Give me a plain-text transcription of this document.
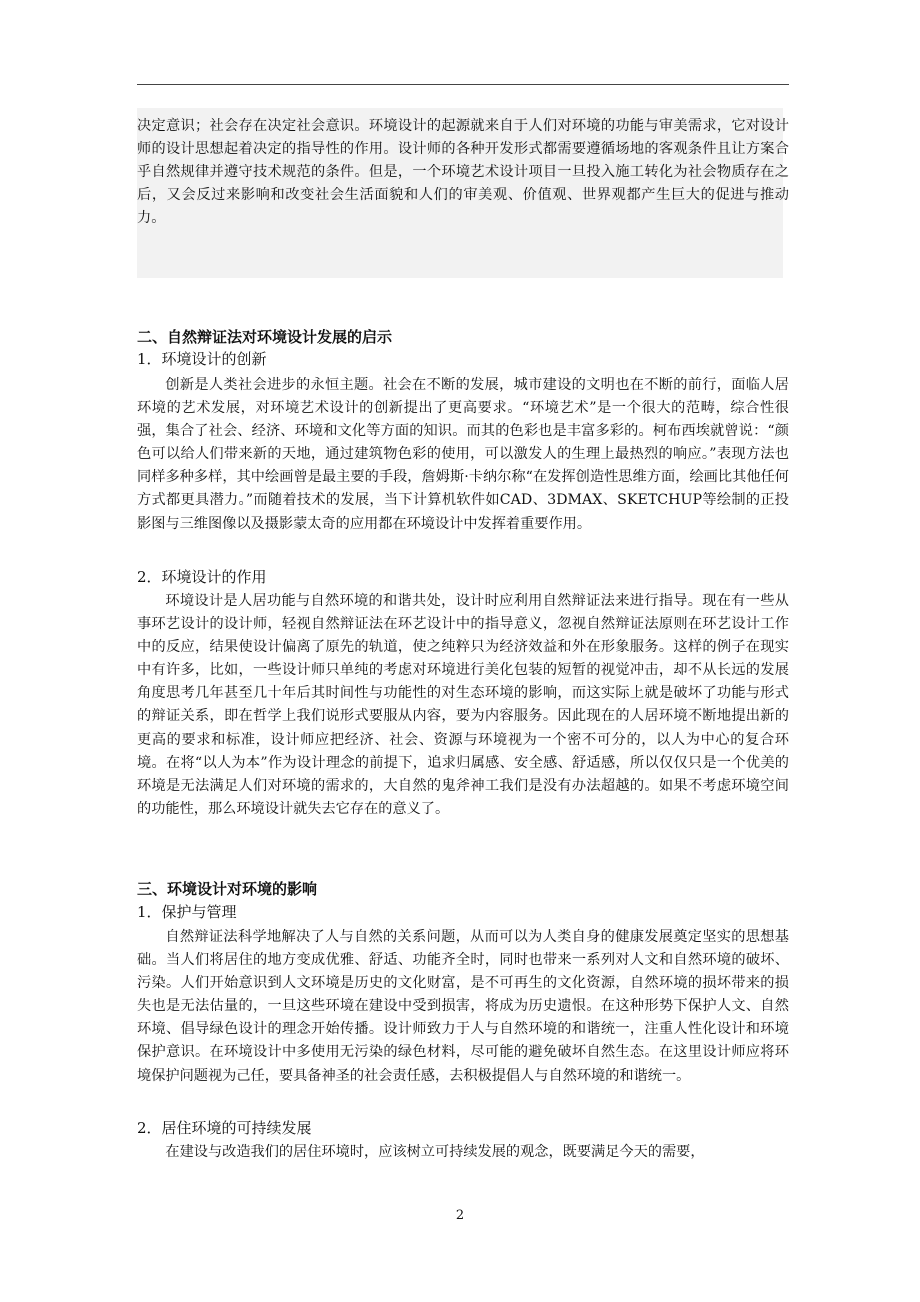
决定意识；社会存在决定社会意识。环境设计的起源就来自于人们对环境的功能与审美需求，它对设计师的设计思想起着决定的指导性的作用。设计师的各种开发形式都需要遵循场地的客观条件且让方案合乎自然规律并遵守技术规范的条件。但是，一个环境艺术设计项目一旦投入施工转化为社会物质存在之后，又会反过来影响和改变社会生活面貌和人们的审美观、价值观、世界观都产生巨大的促进与推动力。

二、自然辩证法对环境设计发展的启示
1．环境设计的创新

创新是人类社会进步的永恒主题。社会在不断的发展，城市建设的文明也在不断的前行，面临人居环境的艺术发展，对环境艺术设计的创新提出了更高要求。“环境艺术”是一个很大的范畴，综合性很强，集合了社会、经济、环境和文化等方面的知识。而其的色彩也是丰富多彩的。柯布西埃就曾说：“颜色可以给人们带来新的天地，通过建筑物色彩的使用，可以激发人的生理上最热烈的响应。”表现方法也同样多种多样，其中绘画曾是最主要的手段，詹姆斯·卡纳尔称“在发挥创造性思维方面，绘画比其他任何方式都更具潜力。”而随着技术的发展，当下计算机软件如CAD、3DMAX、SKETCHUP等绘制的正投影图与三维图像以及摄影蒙太奇的应用都在环境设计中发挥着重要作用。

2．环境设计的作用

环境设计是人居功能与自然环境的和谐共处，设计时应利用自然辩证法来进行指导。现在有一些从事环艺设计的设计师，轻视自然辩证法在环艺设计中的指导意义，忽视自然辩证法原则在环艺设计工作中的反应，结果使设计偏离了原先的轨道，使之纯粹只为经济效益和外在形象服务。这样的例子在现实中有许多，比如，一些设计师只单纯的考虑对环境进行美化包装的短暂的视觉冲击，却不从长远的发展角度思考几年甚至几十年后其时间性与功能性的对生态环境的影响，而这实际上就是破坏了功能与形式的辩证关系，即在哲学上我们说形式要服从内容，要为内容服务。因此现在的人居环境不断地提出新的更高的要求和标准，设计师应把经济、社会、资源与环境视为一个密不可分的，以人为中心的复合环境。在将“以人为本”作为设计理念的前提下，追求归属感、安全感、舒适感，所以仅仅只是一个优美的环境是无法满足人们对环境的需求的，大自然的鬼斧神工我们是没有办法超越的。如果不考虑环境空间的功能性，那么环境设计就失去它存在的意义了。

三、环境设计对环境的影响
1．保护与管理

自然辩证法科学地解决了人与自然的关系问题，从而可以为人类自身的健康发展奠定坚实的思想基础。当人们将居住的地方变成优雅、舒适、功能齐全时，同时也带来一系列对人文和自然环境的破坏、污染。人们开始意识到人文环境是历史的文化财富，是不可再生的文化资源，自然环境的损坏带来的损失也是无法估量的，一旦这些环境在建设中受到损害，将成为历史遗恨。在这种形势下保护人文、自然环境、倡导绿色设计的理念开始传播。设计师致力于人与自然环境的和谐统一，注重人性化设计和环境保护意识。在环境设计中多使用无污染的绿色材料，尽可能的避免破坏自然生态。在这里设计师应将环境保护问题视为己任，要具备神圣的社会责任感，去积极提倡人与自然环境的和谐统一。

2．居住环境的可持续发展

在建设与改造我们的居住环境时，应该树立可持续发展的观念，既要满足今天的需要，

2
